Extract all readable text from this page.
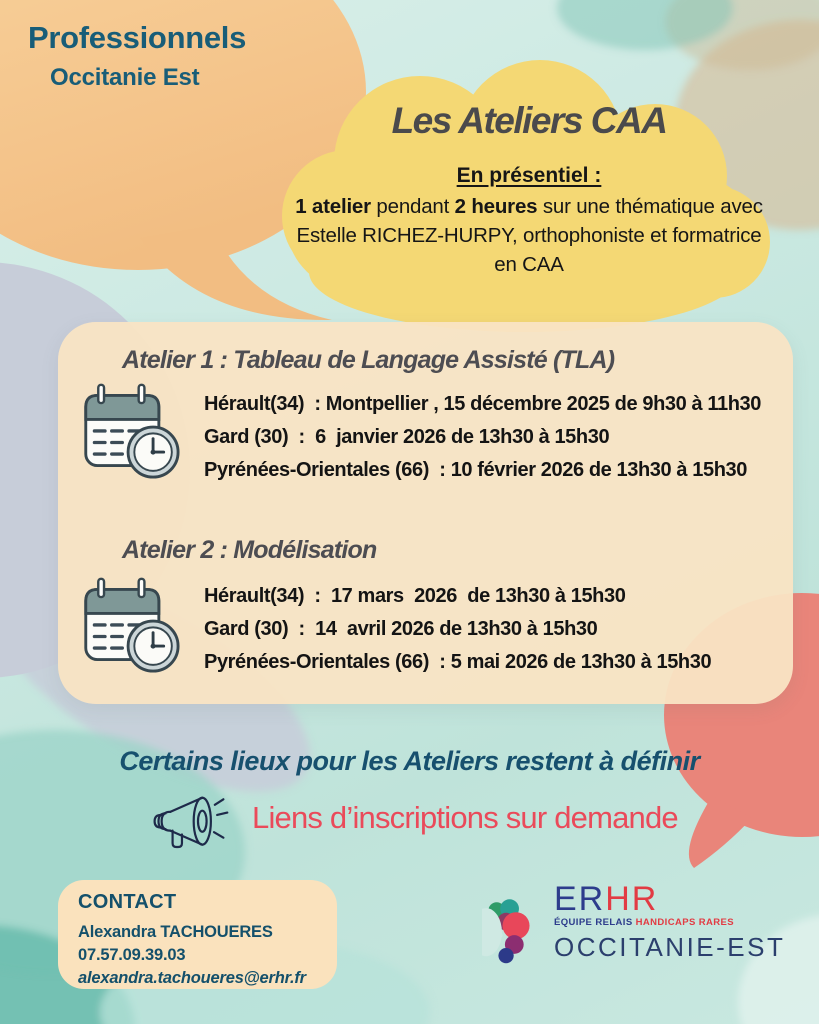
Professionnels
Occitanie Est
Les Ateliers CAA
En présentiel :
1 atelier pendant 2 heures sur une thématique avec Estelle RICHEZ-HURPY, orthophoniste et formatrice en CAA
Atelier 1 : Tableau de Langage Assisté (TLA)
Hérault(34)  : Montpellier , 15 décembre 2025 de 9h30 à 11h30
Gard (30)  :  6  janvier 2026 de 13h30 à 15h30
Pyrénées-Orientales (66)  : 10 février 2026 de 13h30 à 15h30
Atelier 2 : Modélisation
Hérault(34)  :  17 mars  2026  de 13h30 à 15h30
Gard (30)  :  14  avril 2026 de 13h30 à 15h30
Pyrénées-Orientales (66)  : 5 mai 2026 de 13h30 à 15h30
Certains lieux pour les Ateliers restent à définir
Liens d’inscriptions sur demande
CONTACT
Alexandra TACHOUERES
07.57.09.39.03
alexandra.tachoueres@erhr.fr
ERHR
ÉQUIPE RELAIS HANDICAPS RARES
OCCITANIE-EST
